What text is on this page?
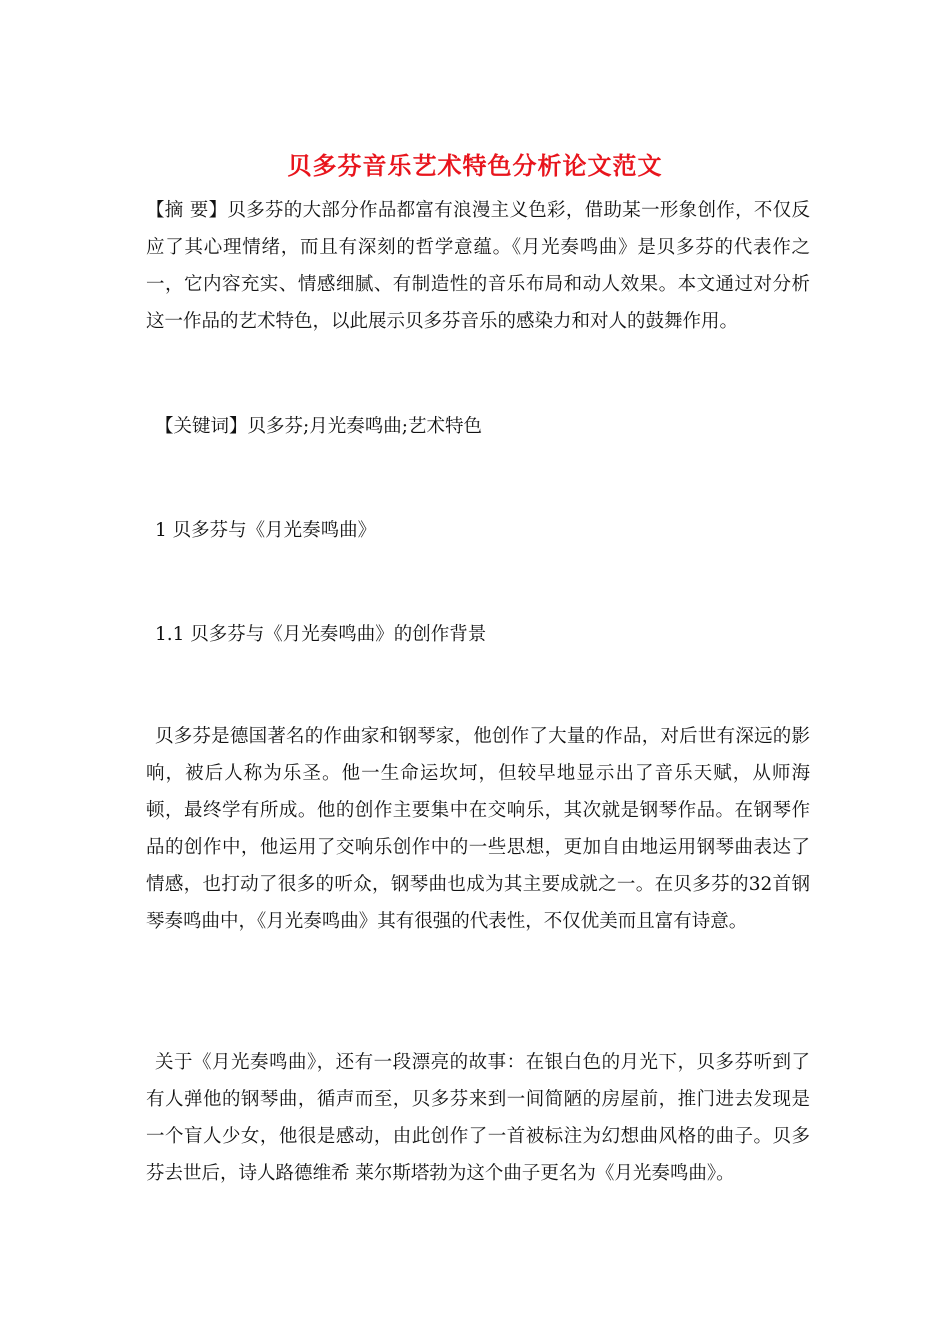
贝多芬音乐艺术特色分析论文范文
【摘 要】贝多芬的大部分作品都富有浪漫主义色彩，借助某一形象创作，不仅反应了其心理情绪，而且有深刻的哲学意蕴。《月光奏鸣曲》是贝多芬的代表作之一，它内容充实、情感细腻、有制造性的音乐布局和动人效果。本文通过对分析这一作品的艺术特色，以此展示贝多芬音乐的感染力和对人的鼓舞作用。
【关键词】贝多芬;月光奏鸣曲;艺术特色
1 贝多芬与《月光奏鸣曲》
1.1 贝多芬与《月光奏鸣曲》的创作背景
贝多芬是德国著名的作曲家和钢琴家，他创作了大量的作品，对后世有深远的影响，被后人称为乐圣。他一生命运坎坷，但较早地显示出了音乐天赋，从师海顿，最终学有所成。他的创作主要集中在交响乐，其次就是钢琴作品。在钢琴作品的创作中，他运用了交响乐创作中的一些思想，更加自由地运用钢琴曲表达了情感，也打动了很多的听众，钢琴曲也成为其主要成就之一。在贝多芬的32首钢琴奏鸣曲中，《月光奏鸣曲》其有很强的代表性，不仅优美而且富有诗意。
关于《月光奏鸣曲》，还有一段漂亮的故事：在银白色的月光下，贝多芬听到了有人弹他的钢琴曲，循声而至，贝多芬来到一间简陋的房屋前，推门进去发现是一个盲人少女，他很是感动，由此创作了一首被标注为幻想曲风格的曲子。贝多芬去世后，诗人路德维希 莱尔斯塔勃为这个曲子更名为《月光奏鸣曲》。
